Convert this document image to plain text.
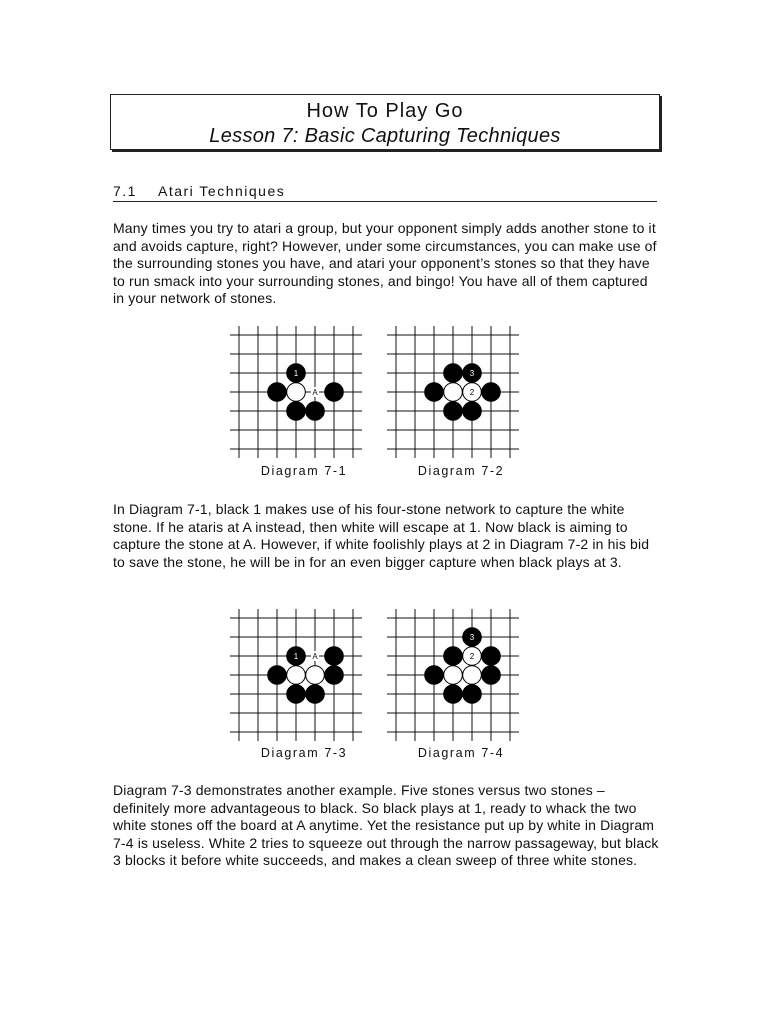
How To Play Go
Lesson 7: Basic Capturing Techniques
7.1 Atari Techniques

Many times you try to atari a group, but your opponent simply adds another stone to it and avoids capture, right? However, under some circumstances, you can make use of the surrounding stones you have, and atari your opponent’s stones so that they have to run smack into your surrounding stones, and bingo! You have all of them captured in your network of stones.

A
1	3
2
Diagram 7-1	Diagram 7-2

In Diagram 7-1, black 1 makes use of his four-stone network to capture the white stone. If he ataris at A instead, then white will escape at 1. Now black is aiming to capture the stone at A. However, if white foolishly plays at 2 in Diagram 7-2 in his bid to save the stone, he will be in for an even bigger capture when black plays at 3.

A
1
3
2
Diagram 7-3	Diagram 7-4

Diagram 7-3 demonstrates another example. Five stones versus two stones – definitely more advantageous to black. So black plays at 1, ready to whack the two white stones off the board at A anytime. Yet the resistance put up by white in Diagram 7-4 is useless. White 2 tries to squeeze out through the narrow passageway, but black 3 blocks it before white succeeds, and makes a clean sweep of three white stones.
